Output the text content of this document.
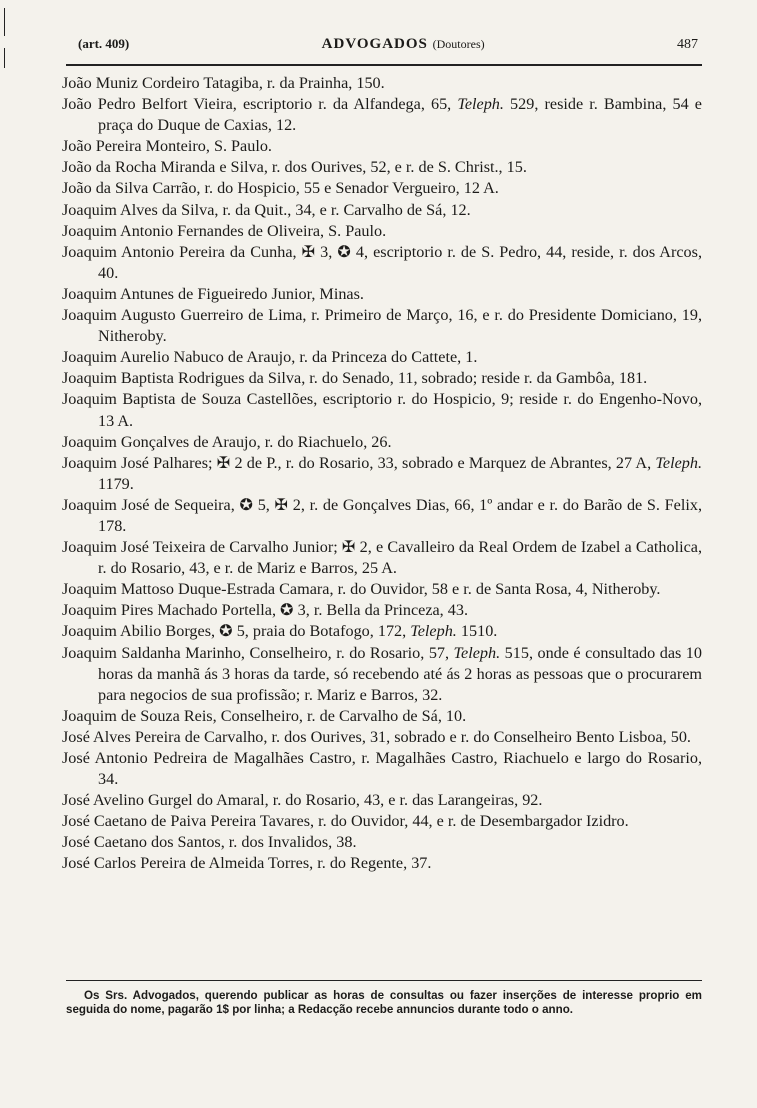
(art. 409)	ADVOGADOS (Doutores)	487

João Muniz Cordeiro Tatagiba, r. da Prainha, 150.

João Pedro Belfort Vieira, escriptorio r. da Alfandega, 65, Teleph. 529, reside r. Bambina, 54 e praça do Duque de Caxias, 12.

João Pereira Monteiro, S. Paulo.

João da Rocha Miranda e Silva, r. dos Ourives, 52, e r. de S. Christ., 15.

João da Silva Carrão, r. do Hospicio, 55 e Senador Vergueiro, 12 A.

Joaquim Alves da Silva, r. da Quit., 34, e r. Carvalho de Sá, 12.

Joaquim Antonio Fernandes de Oliveira, S. Paulo.

Joaquim Antonio Pereira da Cunha, ✠ 3, ✪ 4, escriptorio r. de S. Pedro, 44, reside, r. dos Arcos, 40.

Joaquim Antunes de Figueiredo Junior, Minas.

Joaquim Augusto Guerreiro de Lima, r. Primeiro de Março, 16, e r. do Presidente Domiciano, 19, Nitheroby.

Joaquim Aurelio Nabuco de Araujo, r. da Princeza do Cattete, 1.

Joaquim Baptista Rodrigues da Silva, r. do Senado, 11, sobrado; reside r. da Gambôa, 181.

Joaquim Baptista de Souza Castellões, escriptorio r. do Hospicio, 9; reside r. do Engenho-Novo, 13 A.

Joaquim Gonçalves de Araujo, r. do Riachuelo, 26.

Joaquim José Palhares; ✠ 2 de P., r. do Rosario, 33, sobrado e Marquez de Abrantes, 27 A, Teleph. 1179.

Joaquim José de Sequeira, ✪ 5, ✠ 2, r. de Gonçalves Dias, 66, 1º andar e r. do Barão de S. Felix, 178.

Joaquim José Teixeira de Carvalho Junior; ✠ 2, e Cavalleiro da Real Ordem de Izabel a Catholica, r. do Rosario, 43, e r. de Mariz e Barros, 25 A.

Joaquim Mattoso Duque-Estrada Camara, r. do Ouvidor, 58 e r. de Santa Rosa, 4, Nitheroby.

Joaquim Pires Machado Portella, ✪ 3, r. Bella da Princeza, 43.

Joaquim Abilio Borges, ✪ 5, praia do Botafogo, 172, Teleph. 1510.

Joaquim Saldanha Marinho, Conselheiro, r. do Rosario, 57, Teleph. 515, onde é consultado das 10 horas da manhã ás 3 horas da tarde, só recebendo até ás 2 horas as pessoas que o procurarem para negocios de sua profissão; r. Mariz e Barros, 32.

Joaquim de Souza Reis, Conselheiro, r. de Carvalho de Sá, 10.

José Alves Pereira de Carvalho, r. dos Ourives, 31, sobrado e r. do Conselheiro Bento Lisboa, 50.

José Antonio Pedreira de Magalhães Castro, r. Magalhães Castro, Riachuelo e largo do Rosario, 34.

José Avelino Gurgel do Amaral, r. do Rosario, 43, e r. das Larangeiras, 92.

José Caetano de Paiva Pereira Tavares, r. do Ouvidor, 44, e r. de Desembargador Izidro.

José Caetano dos Santos, r. dos Invalidos, 38.

José Carlos Pereira de Almeida Torres, r. do Regente, 37.

Os Srs. Advogados, querendo publicar as horas de consultas ou fazer inserções de interesse proprio em seguida do nome, pagarão 1$ por linha; a Redacção recebe annuncios durante todo o anno.
